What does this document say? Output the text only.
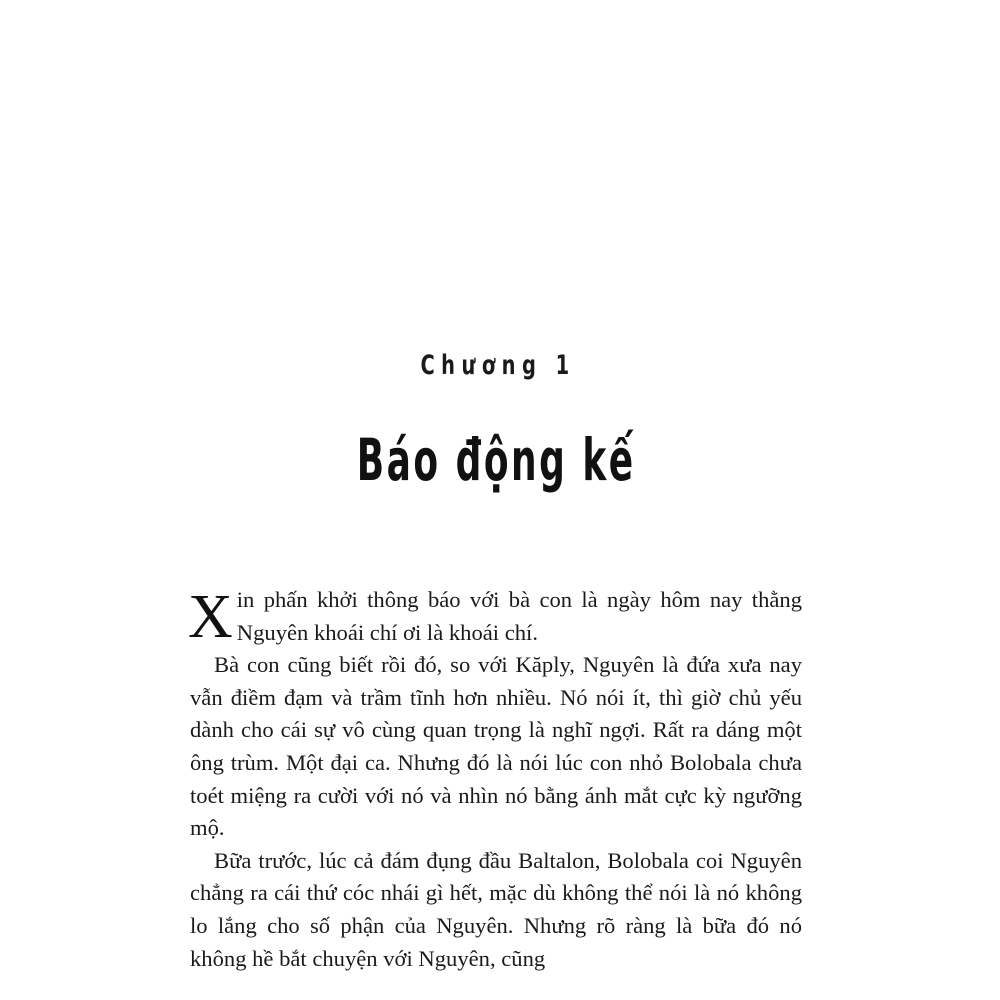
Chương 1
Báo động kế

Xin phấn khởi thông báo với bà con là ngày hôm nay thằng Nguyên khoái chí ơi là khoái chí.

Bà con cũng biết rồi đó, so với Kăply, Nguyên là đứa xưa nay vẫn điềm đạm và trầm tĩnh hơn nhiều. Nó nói ít, thì giờ chủ yếu dành cho cái sự vô cùng quan trọng là nghĩ ngợi. Rất ra dáng một ông trùm. Một đại ca. Nhưng đó là nói lúc con nhỏ Bolobala chưa toét miệng ra cười với nó và nhìn nó bằng ánh mắt cực kỳ ngưỡng mộ.

Bữa trước, lúc cả đám đụng đầu Baltalon, Bolobala coi Nguyên chẳng ra cái thứ cóc nhái gì hết, mặc dù không thể nói là nó không lo lắng cho số phận của Nguyên. Nhưng rõ ràng là bữa đó nó không hề bắt chuyện với Nguyên, cũng
